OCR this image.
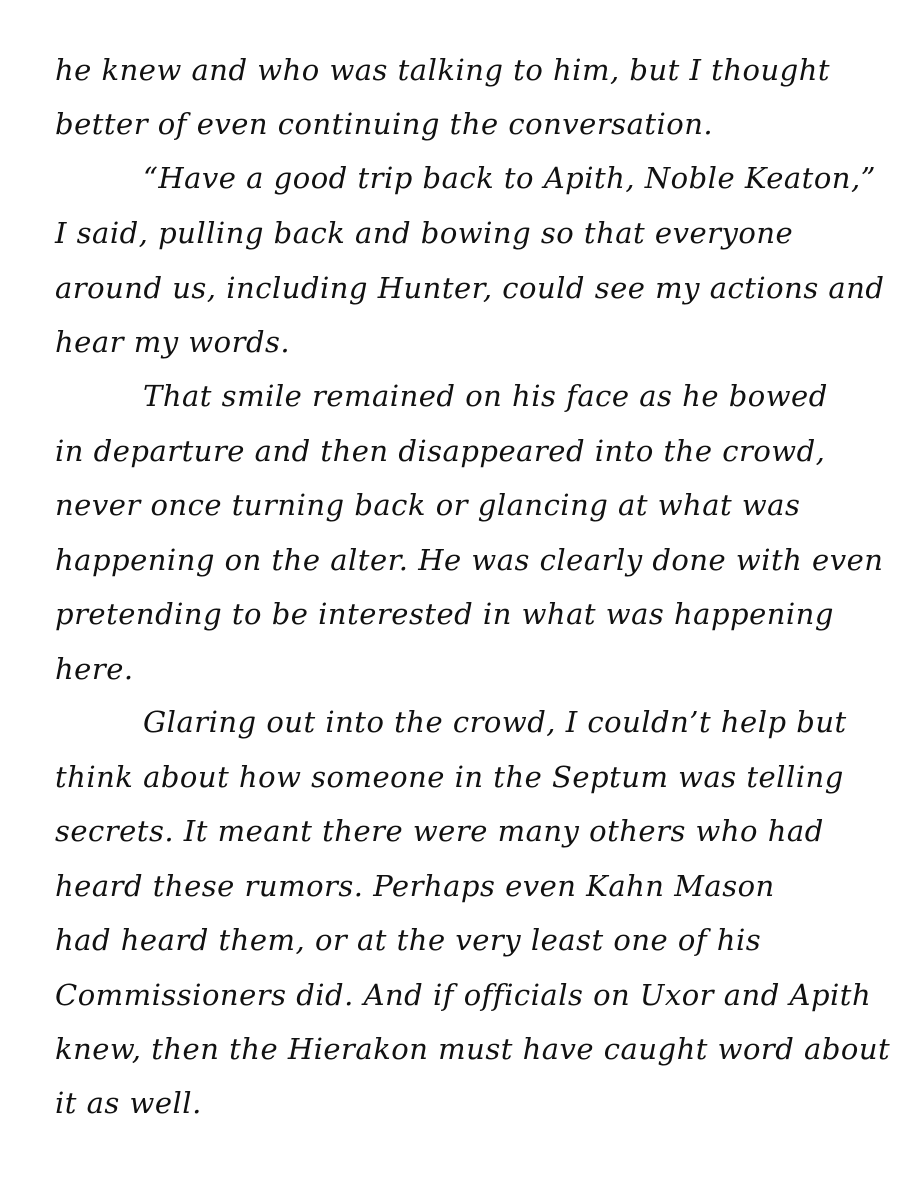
he knew and who was talking to him, but I thought
better of even continuing the conversation.
“Have a good trip back to Apith, Noble Keaton,”
I said, pulling back and bowing so that everyone
around us, including Hunter, could see my actions and
hear my words.
That smile remained on his face as he bowed
in departure and then disappeared into the crowd,
never once turning back or glancing at what was
happening on the alter. He was clearly done with even
pretending to be interested in what was happening
here.
Glaring out into the crowd, I couldn’t help but
think about how someone in the Septum was telling
secrets. It meant there were many others who had
heard these rumors. Perhaps even Kahn Mason
had heard them, or at the very least one of his
Commissioners did. And if officials on Uxor and Apith
knew, then the Hierakon must have caught word about
it as well.
